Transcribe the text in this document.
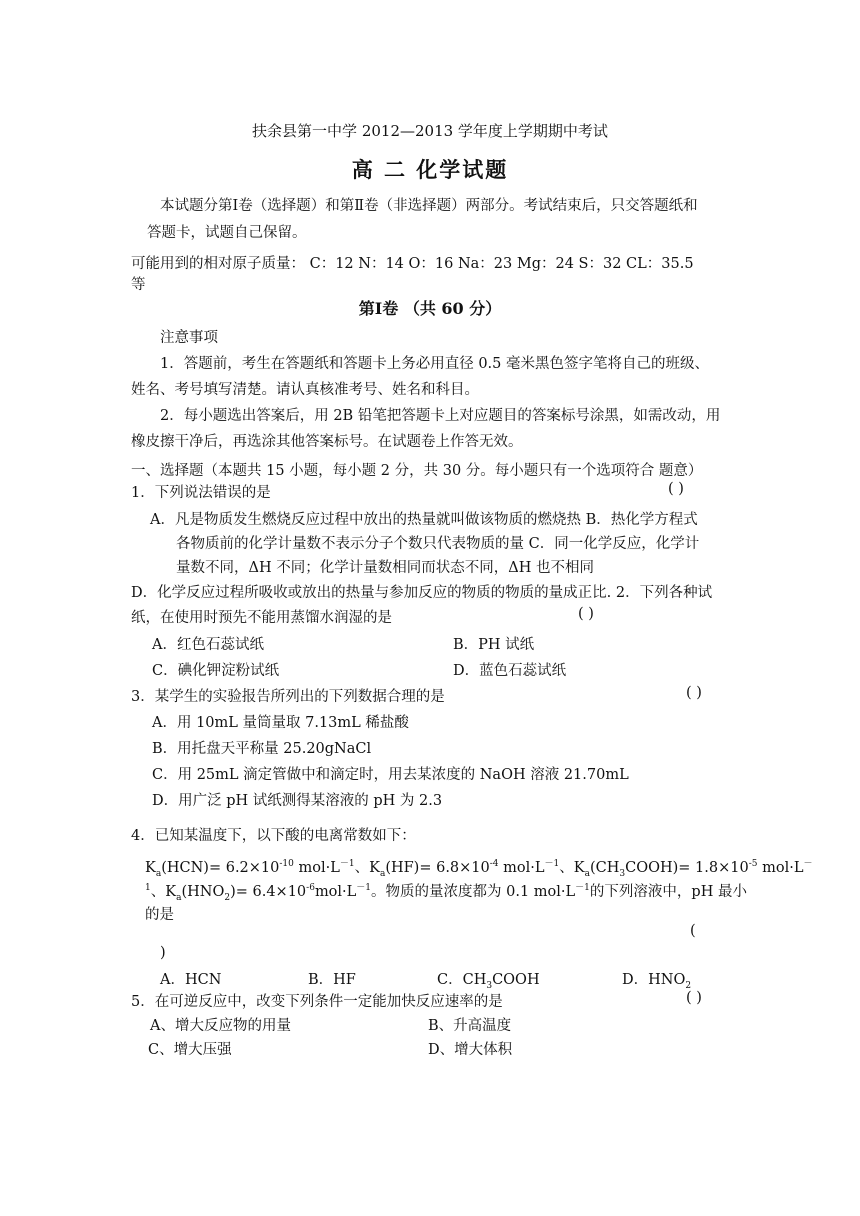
扶余县第一中学 2012—2013 学年度上学期期中考试
高 二 化学试题
本试题分第Ⅰ卷（选择题）和第Ⅱ卷（非选择题）两部分。考试结束后，只交答题纸和
答题卡，试题自己保留。
可能用到的相对原子质量： C：12 N：14 O：16 Na：23 Mg：24 S：32 CL：35.5
等
第Ⅰ卷 （共 60 分）
注意事项
1．答题前，考生在答题纸和答题卡上务必用直径 0.5 毫米黑色签字笔将自己的班级、
姓名、考号填写清楚。请认真核准考号、姓名和科目。
2．每小题选出答案后，用 2B 铅笔把答题卡上对应题目的答案标号涂黑，如需改动，用
橡皮擦干净后，再选涂其他答案标号。在试题卷上作答无效。
一、选择题（本题共 15 小题，每小题 2 分，共 30 分。每小题只有一个选项符合 题意）
1．下列说法错误的是	( )
A．凡是物质发生燃烧反应过程中放出的热量就叫做该物质的燃烧热 B．热化学方程式
各物质前的化学计量数不表示分子个数只代表物质的量 C．同一化学反应，化学计
量数不同，ΔH 不同；化学计量数相同而状态不同，ΔH 也不相同
D．化学反应过程所吸收或放出的热量与参加反应的物质的物质的量成正比. 2．下列各种试
纸，在使用时预先不能用蒸馏水润湿的是	( )
A．红色石蕊试纸	B．PH 试纸
C．碘化钾淀粉试纸	D．蓝色石蕊试纸
3．某学生的实验报告所列出的下列数据合理的是	( )
A．用 10mL 量筒量取 7.13mL 稀盐酸
B．用托盘天平称量 25.20gNaCl
C．用 25mL 滴定管做中和滴定时，用去某浓度的 NaOH 溶液 21.70mL
D．用广泛 pH 试纸测得某溶液的 pH 为 2.3
4．已知某温度下，以下酸的电离常数如下：
$K_a(HCN)= 6.2\times 10^{-10}$ $mol\cdot L^{-1}$、$K_a(HF)= 6.8\times 10^{-4}$ $mol\cdot L^{-1}$、$K_a(CH_3COOH)= 1.8\times 10^{-5}$ mol·L－
$^1$、$K_a(HNO_2)= 6.4\times 10^{-6}mol\cdot L^{-1}$。物质的量浓度都为 0.1 $mol\cdot L^{-1}$的下列溶液中，pH 最小
的是
(
)
A．HCN	B．HF	C．$CH_3COOH$	D．$HNO_2$
5．在可逆反应中，改变下列条件一定能加快反应速率的是	( )
A、增大反应物的用量	B、升高温度
C、增大压强	D、增大体积
